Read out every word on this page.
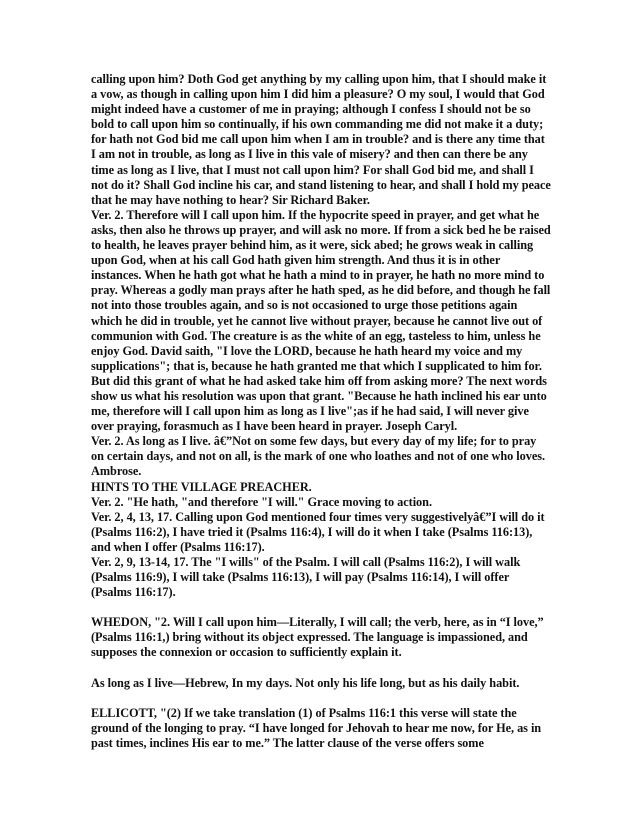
calling upon him? Doth God get anything by my calling upon him, that I should make it a vow, as though in calling upon him I did him a pleasure? O my soul, I would that God might indeed have a customer of me in praying; although I confess I should not be so bold to call upon him so continually, if his own commanding me did not make it a duty; for hath not God bid me call upon him when I am in trouble? and is there any time that I am not in trouble, as long as I live in this vale of misery? and then can there be any time as long as I live, that I must not call upon him? For shall God bid me, and shall I not do it? Shall God incline his car, and stand listening to hear, and shall I hold my peace that he may have nothing to hear? Sir Richard Baker.

Ver. 2. Therefore will I call upon him. If the hypocrite speed in prayer, and get what he asks, then also he throws up prayer, and will ask no more. If from a sick bed he be raised to health, he leaves prayer behind him, as it were, sick abed; he grows weak in calling upon God, when at his call God hath given him strength. And thus it is in other instances. When he hath got what he hath a mind to in prayer, he hath no more mind to pray. Whereas a godly man prays after he hath sped, as he did before, and though he fall not into those troubles again, and so is not occasioned to urge those petitions again which he did in trouble, yet he cannot live without prayer, because he cannot live out of communion with God. The creature is as the white of an egg, tasteless to him, unless he enjoy God. David saith, "I love the LORD, because he hath heard my voice and my supplications"; that is, because he hath granted me that which I supplicated to him for. But did this grant of what he had asked take him off from asking more? The next words show us what his resolution was upon that grant. "Because he hath inclined his ear unto me, therefore will I call upon him as long as I live";as if he had said, I will never give over praying, forasmuch as I have been heard in prayer. Joseph Caryl.

Ver. 2. As long as I live. â€”Not on some few days, but every day of my life; for to pray on certain days, and not on all, is the mark of one who loathes and not of one who loves. Ambrose.

HINTS TO THE VILLAGE PREACHER.

Ver. 2. "He hath, "and therefore "I will." Grace moving to action.

Ver. 2, 4, 13, 17. Calling upon God mentioned four times very suggestivelyâ€”I will do it (Psalms 116:2), I have tried it (Psalms 116:4), I will do it when I take (Psalms 116:13), and when I offer (Psalms 116:17).

Ver. 2, 9, 13-14, 17. The "I wills" of the Psalm. I will call (Psalms 116:2), I will walk (Psalms 116:9), I will take (Psalms 116:13), I will pay (Psalms 116:14), I will offer (Psalms 116:17).

WHEDON, "2. Will I call upon him—Literally, I will call; the verb, here, as in “I love,” (Psalms 116:1,) bring without its object expressed. The language is impassioned, and supposes the connexion or occasion to sufficiently explain it.

As long as I live—Hebrew, In my days. Not only his life long, but as his daily habit.

ELLICOTT, "(2) If we take translation (1) of Psalms 116:1 this verse will state the ground of the longing to pray. “I have longed for Jehovah to hear me now, for He, as in past times, inclines His ear to me.” The latter clause of the verse offers some
